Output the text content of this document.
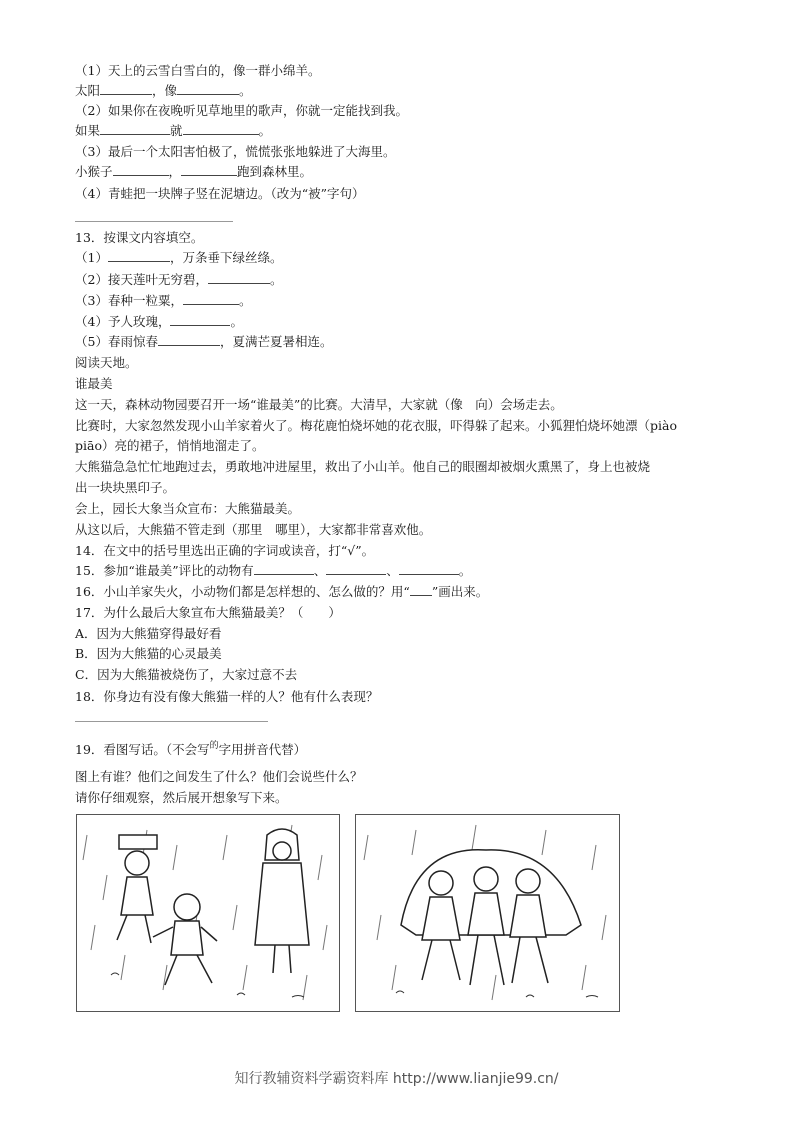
（1）天上的云雪白雪白的，像一群小绵羊。
太阳	，像	。
（2）如果你在夜晚听见草地里的歌声，你就一定能找到我。
如果	就	。
（3）最后一个太阳害怕极了，慌慌张张地躲进了大海里。
小猴子	，	跑到森林里。
（4）青蛙把一块牌子竖在泥塘边。（改为“被”字句）
13．按课文内容填空。
（1）	，万条垂下绿丝绦。
（2）接天莲叶无穷碧，	。
（3）春种一粒粟，	。
（4）予人玫瑰，	。
（5）春雨惊春	，夏满芒夏暑相连。
阅读天地。
谁最美
这一天，森林动物园要召开一场“谁最美”的比赛。大清早，大家就（像　向）会场走去。
比赛时，大家忽然发现小山羊家着火了。梅花鹿怕烧坏她的花衣服，吓得躲了起来。小狐狸怕烧坏她漂（piào
piāo）亮的裙子，悄悄地溜走了。
大熊猫急急忙忙地跑过去，勇敢地冲进屋里，救出了小山羊。他自己的眼圈却被烟火熏黑了，身上也被烧
出一块块黑印子。
会上，园长大象当众宣布：大熊猫最美。
从这以后，大熊猫不管走到（那里　哪里），大家都非常喜欢他。
14．在文中的括号里选出正确的字词或读音，打“√”。
15．参加“谁最美”评比的动物有	、	、	。
16．小山羊家失火，小动物们都是怎样想的、怎么做的？用“ ”画出来。
17．为什么最后大象宣布大熊猫最美？（　　）
A．因为大熊猫穿得最好看
B．因为大熊猫的心灵最美
C．因为大熊猫被烧伤了，大家过意不去
18．你身边有没有像大熊猫一样的人？他有什么表现？
19．看图写话。（不会写$^的$字用拼音代替）
图上有谁？他们之间发生了什么？他们会说些什么？
请你仔细观察，然后展开想象写下来。
知行教辅资料学霸资料库 http://www.lianjie99.cn/
